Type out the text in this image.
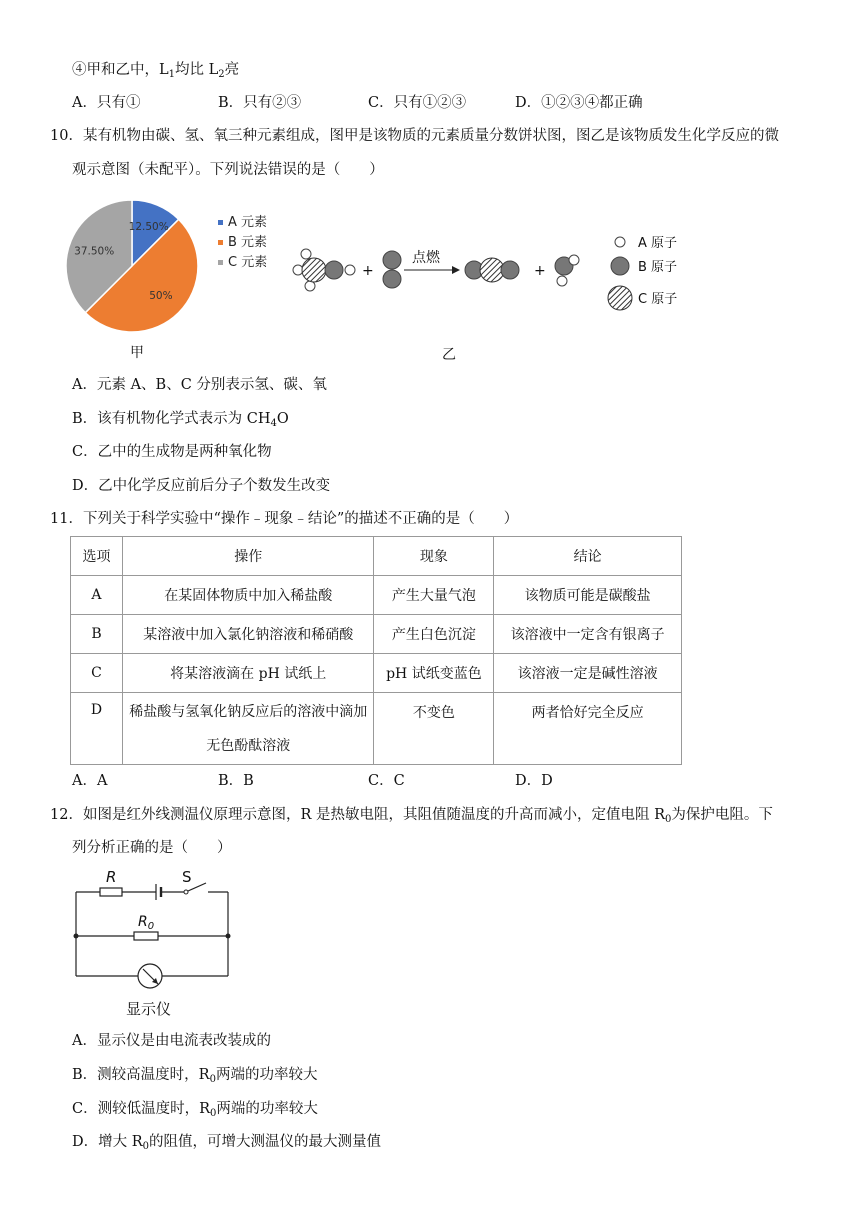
④甲和乙中，$L_1$均比 $L_2$亮
A．只有①	B．只有②③	C．只有①②③	D．①②③④都正确
10．某有机物由碳、氢、氧三种元素组成，图甲是该物质的元素质量分数饼状图，图乙是该物质发生化学反应的微
观示意图（未配平）。下列说法错误的是（　　）
12.50%
50%
37.50%
A 元素
B 元素
C 元素
甲
+
点燃
+
A 原子
B 原子
C 原子
乙
A．元素 A、B、C 分别表示氢、碳、氧
B．该有机物化学式表示为 $CH_4O$
C．乙中的生成物是两种氧化物
D．乙中化学反应前后分子个数发生改变
11．下列关于科学实验中“操作﹣现象﹣结论”的描述不正确的是（　　）
选项	操作	现象	结论
A	在某固体物质中加入稀盐酸	产生大量气泡	该物质可能是碳酸盐
B	某溶液中加入氯化钠溶液和稀硝酸	产生白色沉淀	该溶液中一定含有银离子
C	将某溶液滴在 pH 试纸上	pH 试纸变蓝色	该溶液一定是碱性溶液
D	稀盐酸与氢氧化钠反应后的溶液中滴加无色酚酞溶液	不变色	两者恰好完全反应
A．A	B．B	C．C	D．D
12．如图是红外线测温仪原理示意图，R 是热敏电阻，其阻值随温度的升高而减小，定值电阻 $R_0$为保护电阻。下
列分析正确的是（　　）
R	S
$R_0$
显示仪
A．显示仪是由电流表改装成的
B．测较高温度时，$R_0$两端的功率较大
C．测较低温度时，$R_0$两端的功率较大
D．增大 $R_0$的阻值，可增大测温仪的最大测量值
